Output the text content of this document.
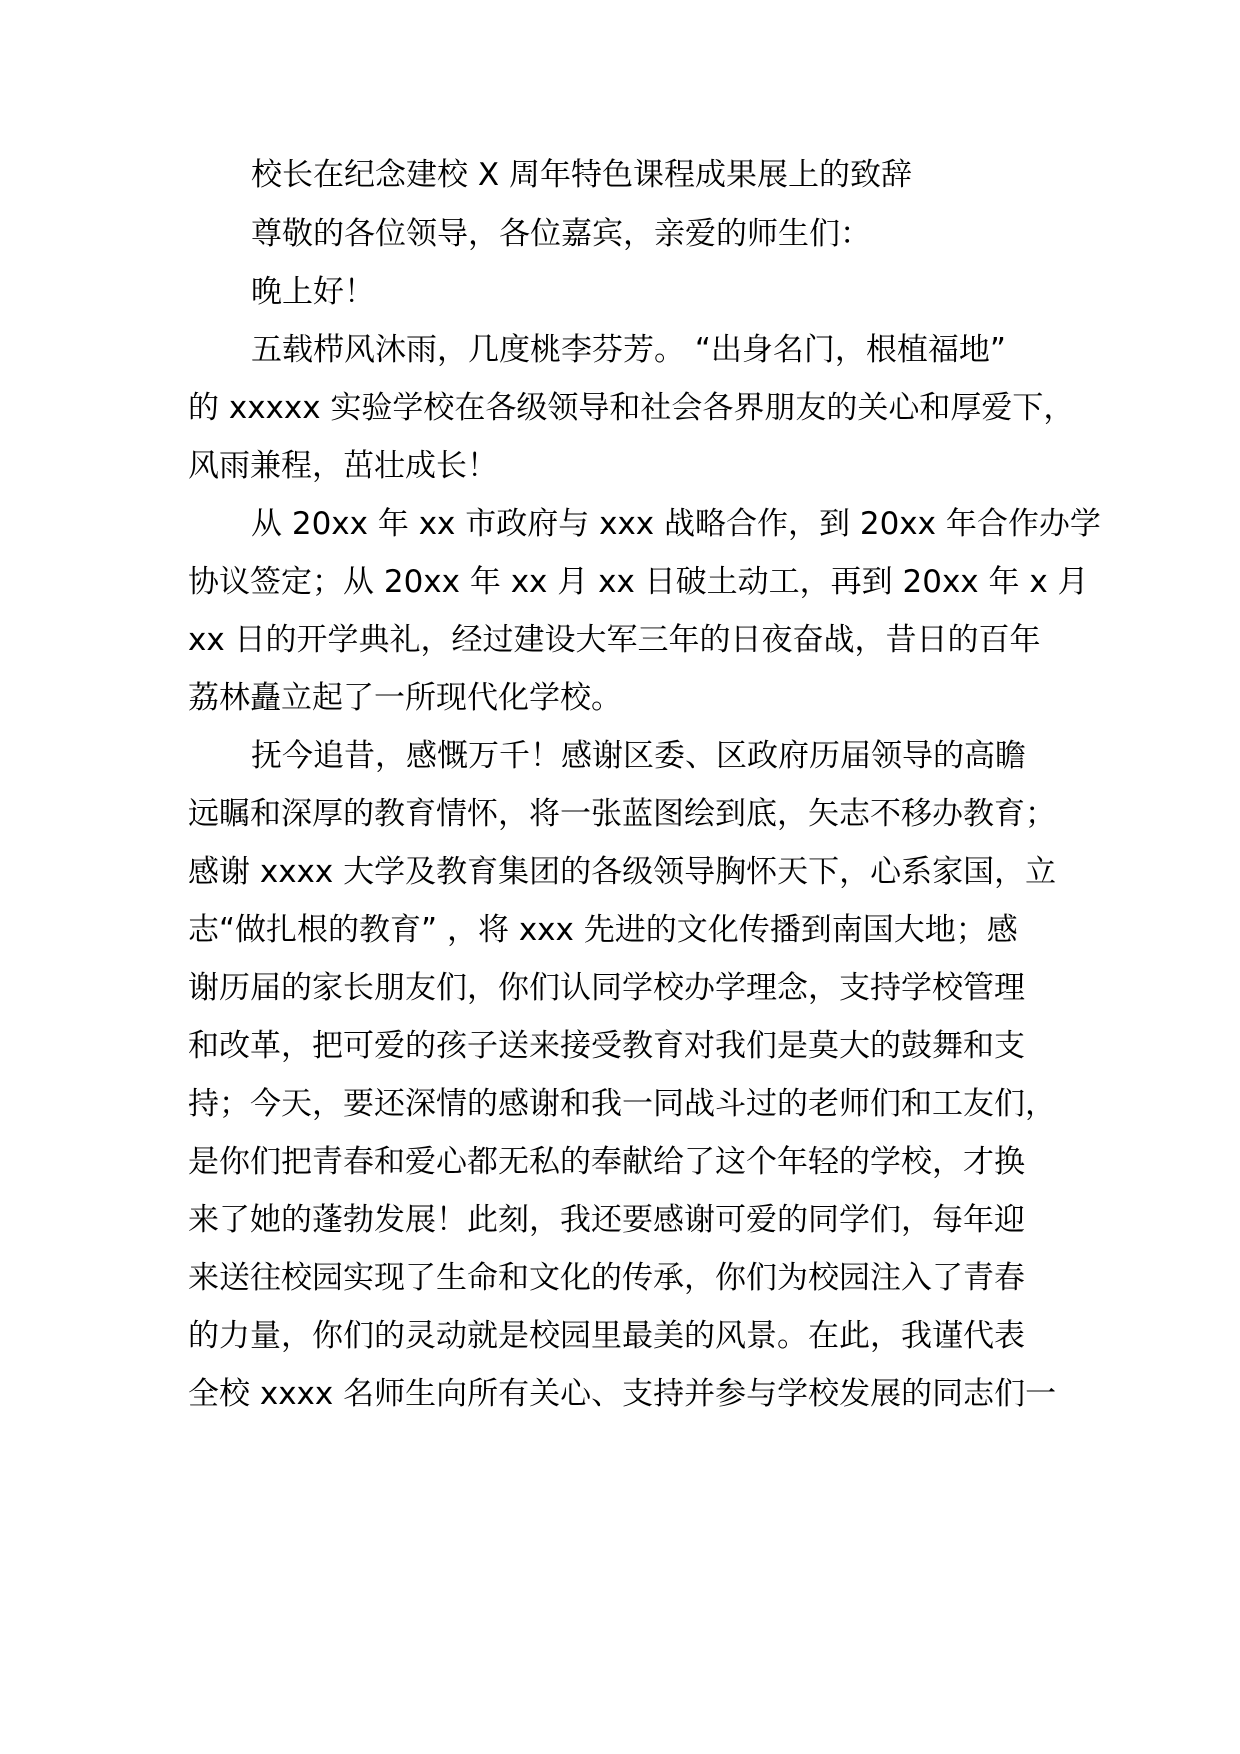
校长在纪念建校 X 周年特色课程成果展上的致辞
尊敬的各位领导，各位嘉宾，亲爱的师生们：
晚上好！
五载栉风沐雨，几度桃李芬芳。 “出身名门，根植福地”
的 xxxxx 实验学校在各级领导和社会各界朋友的关心和厚爱下，
风雨兼程，茁壮成长！
从 20xx 年 xx 市政府与 xxx 战略合作，到 20xx 年合作办学
协议签定；从 20xx 年 xx 月 xx 日破土动工，再到 20xx 年 x 月
xx 日的开学典礼，经过建设大军三年的日夜奋战，昔日的百年
荔林矗立起了一所现代化学校。
抚今追昔，感慨万千！感谢区委、区政府历届领导的高瞻
远瞩和深厚的教育情怀，将一张蓝图绘到底，矢志不移办教育；
感谢 xxxx 大学及教育集团的各级领导胸怀天下，心系家国，立
志“做扎根的教育” ，将 xxx 先进的文化传播到南国大地；感
谢历届的家长朋友们，你们认同学校办学理念，支持学校管理
和改革，把可爱的孩子送来接受教育对我们是莫大的鼓舞和支
持；今天，要还深情的感谢和我一同战斗过的老师们和工友们，
是你们把青春和爱心都无私的奉献给了这个年轻的学校，才换
来了她的蓬勃发展！此刻，我还要感谢可爱的同学们，每年迎
来送往校园实现了生命和文化的传承，你们为校园注入了青春
的力量，你们的灵动就是校园里最美的风景。在此，我谨代表
全校 xxxx 名师生向所有关心、支持并参与学校发展的同志们一
